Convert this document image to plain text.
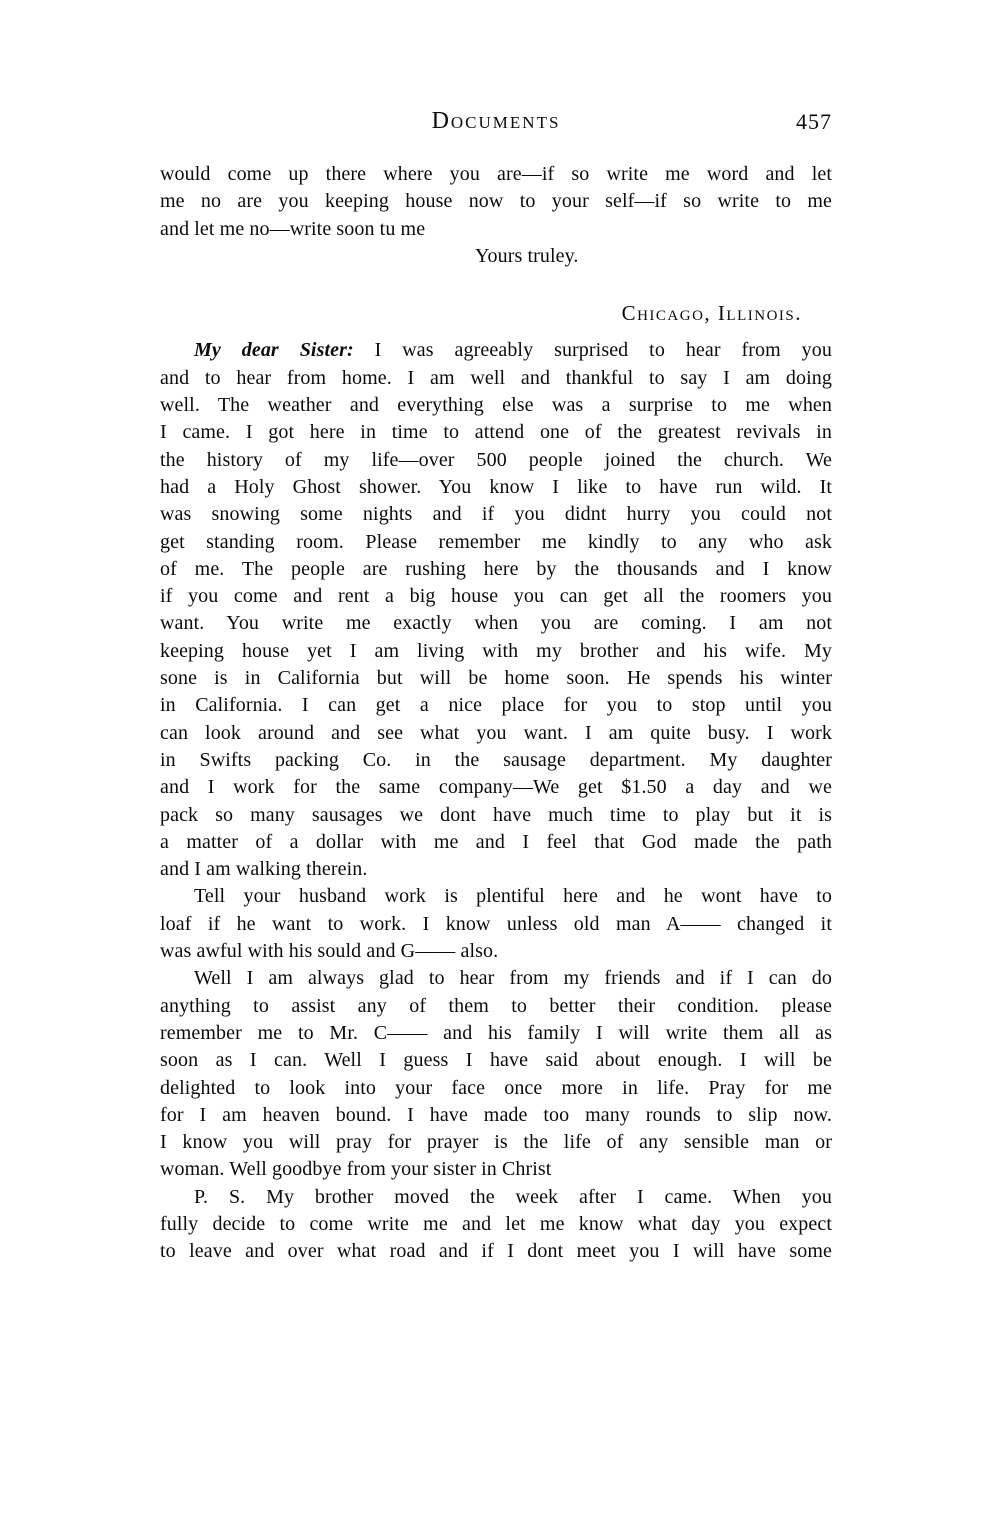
Documents	457
would come up there where you are—if so write me word and let
me no are you keeping house now to your self—if so write to me
and let me no—write soon tu me
Yours truley.
Chicago, Illinois.
My dear Sister: I was agreeably surprised to hear from you
and to hear from home. I am well and thankful to say I am doing
well. The weather and everything else was a surprise to me when
I came. I got here in time to attend one of the greatest revivals in
the history of my life—over 500 people joined the church. We
had a Holy Ghost shower. You know I like to have run wild. It
was snowing some nights and if you didnt hurry you could not
get standing room. Please remember me kindly to any who ask
of me. The people are rushing here by the thousands and I know
if you come and rent a big house you can get all the roomers you
want. You write me exactly when you are coming. I am not
keeping house yet I am living with my brother and his wife. My
sone is in California but will be home soon. He spends his winter
in California. I can get a nice place for you to stop until you
can look around and see what you want. I am quite busy. I work
in Swifts packing Co. in the sausage department. My daughter
and I work for the same company—We get $1.50 a day and we
pack so many sausages we dont have much time to play but it is
a matter of a dollar with me and I feel that God made the path
and I am walking therein.
Tell your husband work is plentiful here and he wont have to
loaf if he want to work. I know unless old man A—— changed it
was awful with his sould and G—— also.
Well I am always glad to hear from my friends and if I can do
anything to assist any of them to better their condition. please
remember me to Mr. C—— and his family I will write them all as
soon as I can. Well I guess I have said about enough. I will be
delighted to look into your face once more in life. Pray for me
for I am heaven bound. I have made too many rounds to slip now.
I know you will pray for prayer is the life of any sensible man or
woman. Well goodbye from your sister in Christ
P. S. My brother moved the week after I came. When you
fully decide to come write me and let me know what day you expect
to leave and over what road and if I dont meet you I will have some
